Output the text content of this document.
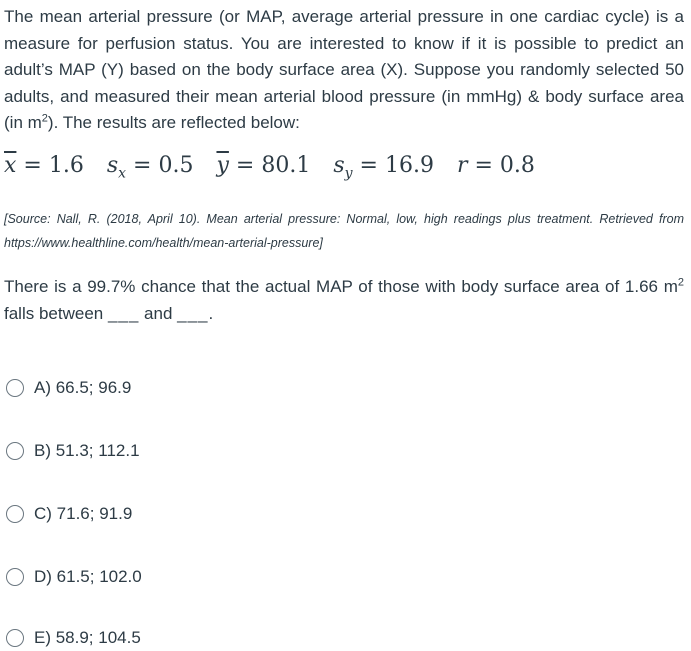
The mean arterial pressure (or MAP, average arterial pressure in one cardiac cycle) is a measure for perfusion status. You are interested to know if it is possible to predict an adult’s MAP (Y) based on the body surface area (X). Suppose you randomly selected 50 adults, and measured their mean arterial blood pressure (in mmHg) & body surface area (in $m^2$). The results are reflected below:
$\overline{x} = 1.6$ $s_x = 0.5$ $\overline{y} = 80.1$ $s_y = 16.9$ r = 0.8
[Source: Nall, R. (2018, April 10). Mean arterial pressure: Normal, low, high readings plus treatment. Retrieved from https://www.healthline.com/health/mean-arterial-pressure]
There is a 99.7% chance that the actual MAP of those with body surface area of 1.66 $m^2$ falls between ___ and ___.
A) 66.5; 96.9
B) 51.3; 112.1
C) 71.6; 91.9
D) 61.5; 102.0
E) 58.9; 104.5
